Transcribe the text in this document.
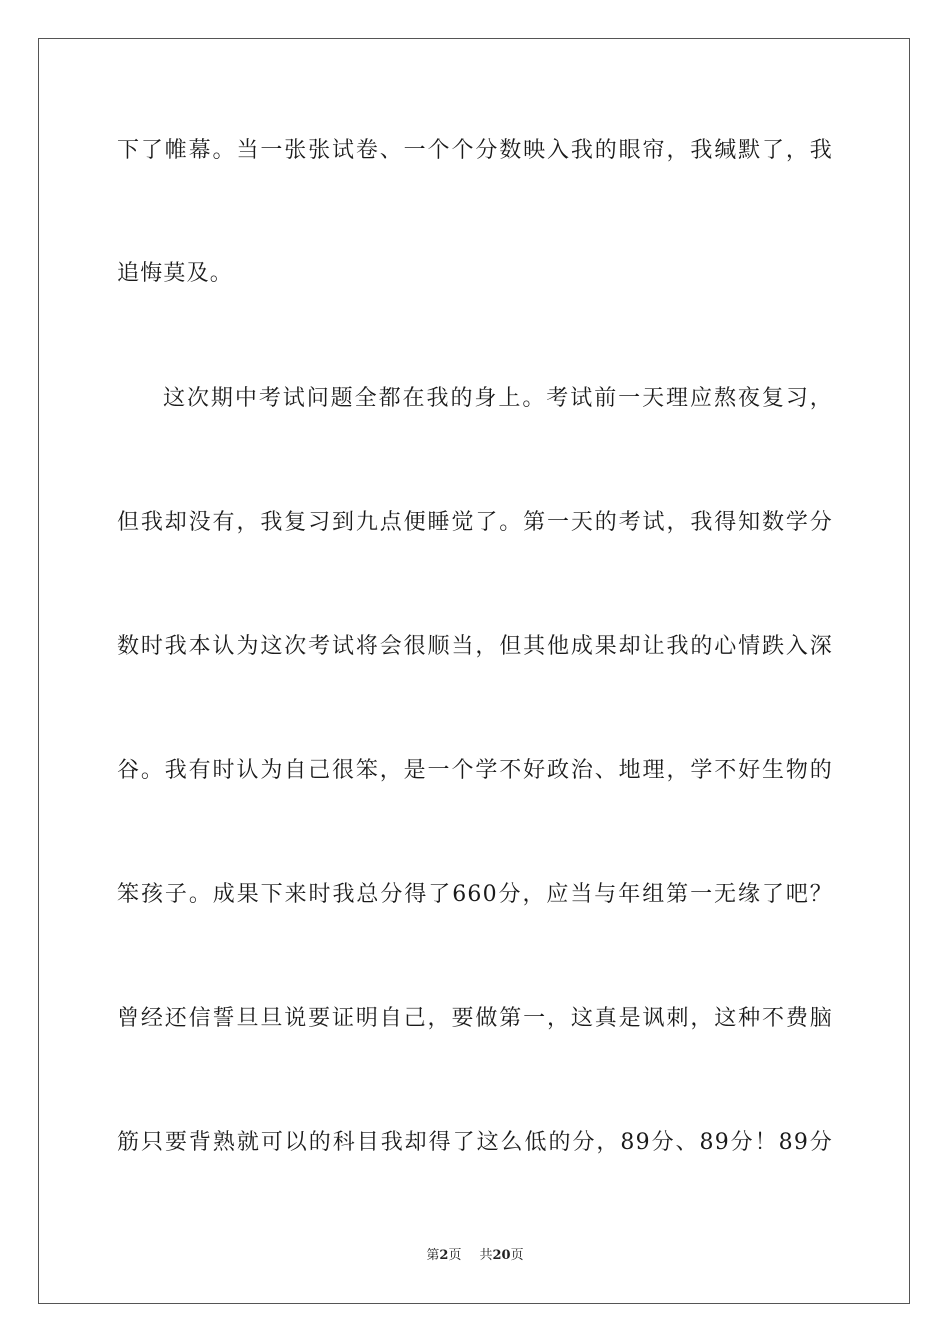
下了帷幕。当一张张试卷、一个个分数映入我的眼帘，我缄默了，我
追悔莫及。
这次期中考试问题全都在我的身上。考试前一天理应熬夜复习，
但我却没有，我复习到九点便睡觉了。第一天的考试，我得知数学分
数时我本认为这次考试将会很顺当，但其他成果却让我的心情跌入深
谷。我有时认为自己很笨，是一个学不好政治、地理，学不好生物的
笨孩子。成果下来时我总分得了660分，应当与年组第一无缘了吧？
曾经还信誓旦旦说要证明自己，要做第一，这真是讽刺，这种不费脑
筋只要背熟就可以的科目我却得了这么低的分，89分、89分！89分
第2页 共20页
